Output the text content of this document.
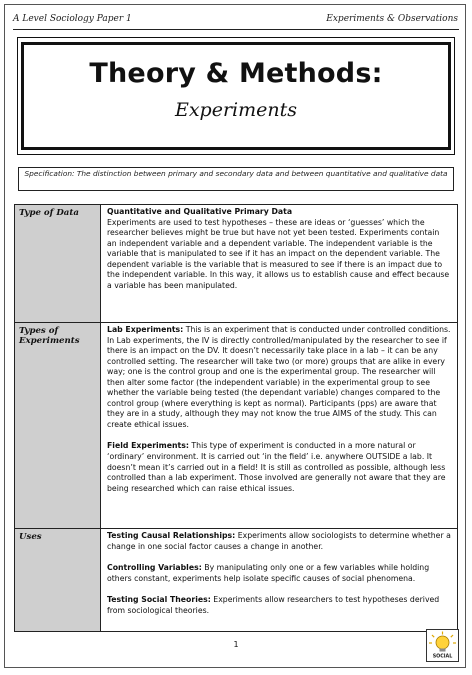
A Level Sociology Paper 1	Experiments & Observations
Theory & Methods:
Experiments
Specification: The distinction between primary and secondary data and between quantitative and qualitative data
Type of Data	Quantitative and Qualitative Primary Data

Experiments are used to test hypotheses – these are ideas or ‘guesses’ which the researcher believes might be true but have not yet been tested. Experiments contain an independent variable and a dependent variable. The independent variable is the variable that is manipulated to see if it has an impact on the dependent variable. The dependent variable is the variable that is measured to see if there is an impact due to the independent variable. In this way, it allows us to establish cause and effect because a variable has been manipulated.

Types of Experiments	Lab Experiments: This is an experiment that is conducted under controlled conditions. In Lab experiments, the IV is directly controlled/manipulated by the researcher to see if there is an impact on the DV. It doesn’t necessarily take place in a lab – it can be any controlled setting. The researcher will take two (or more) groups that are alike in every way; one is the control group and one is the experimental group. The researcher will then alter some factor (the independent variable) in the experimental group to see whether the variable being tested (the dependant variable) changes compared to the control group (where everything is kept as normal). Participants (pps) are aware that they are in a study, although they may not know the true AIMS of the study. This can create ethical issues.

Field Experiments: This type of experiment is conducted in a more natural or ‘ordinary’ environment. It is carried out ‘in the field’ i.e. anywhere OUTSIDE a lab. It doesn’t mean it’s carried out in a field! It is still as controlled as possible, although less controlled than a lab experiment. Those involved are generally not aware that they are being researched which can raise ethical issues.

Uses	Testing Causal Relationships: Experiments allow sociologists to determine whether a change in one social factor causes a change in another.

Controlling Variables: By manipulating only one or a few variables while holding others constant, experiments help isolate specific causes of social phenomena.

Testing Social Theories: Experiments allow researchers to test hypotheses derived from sociological theories.

1
SOCIAL
